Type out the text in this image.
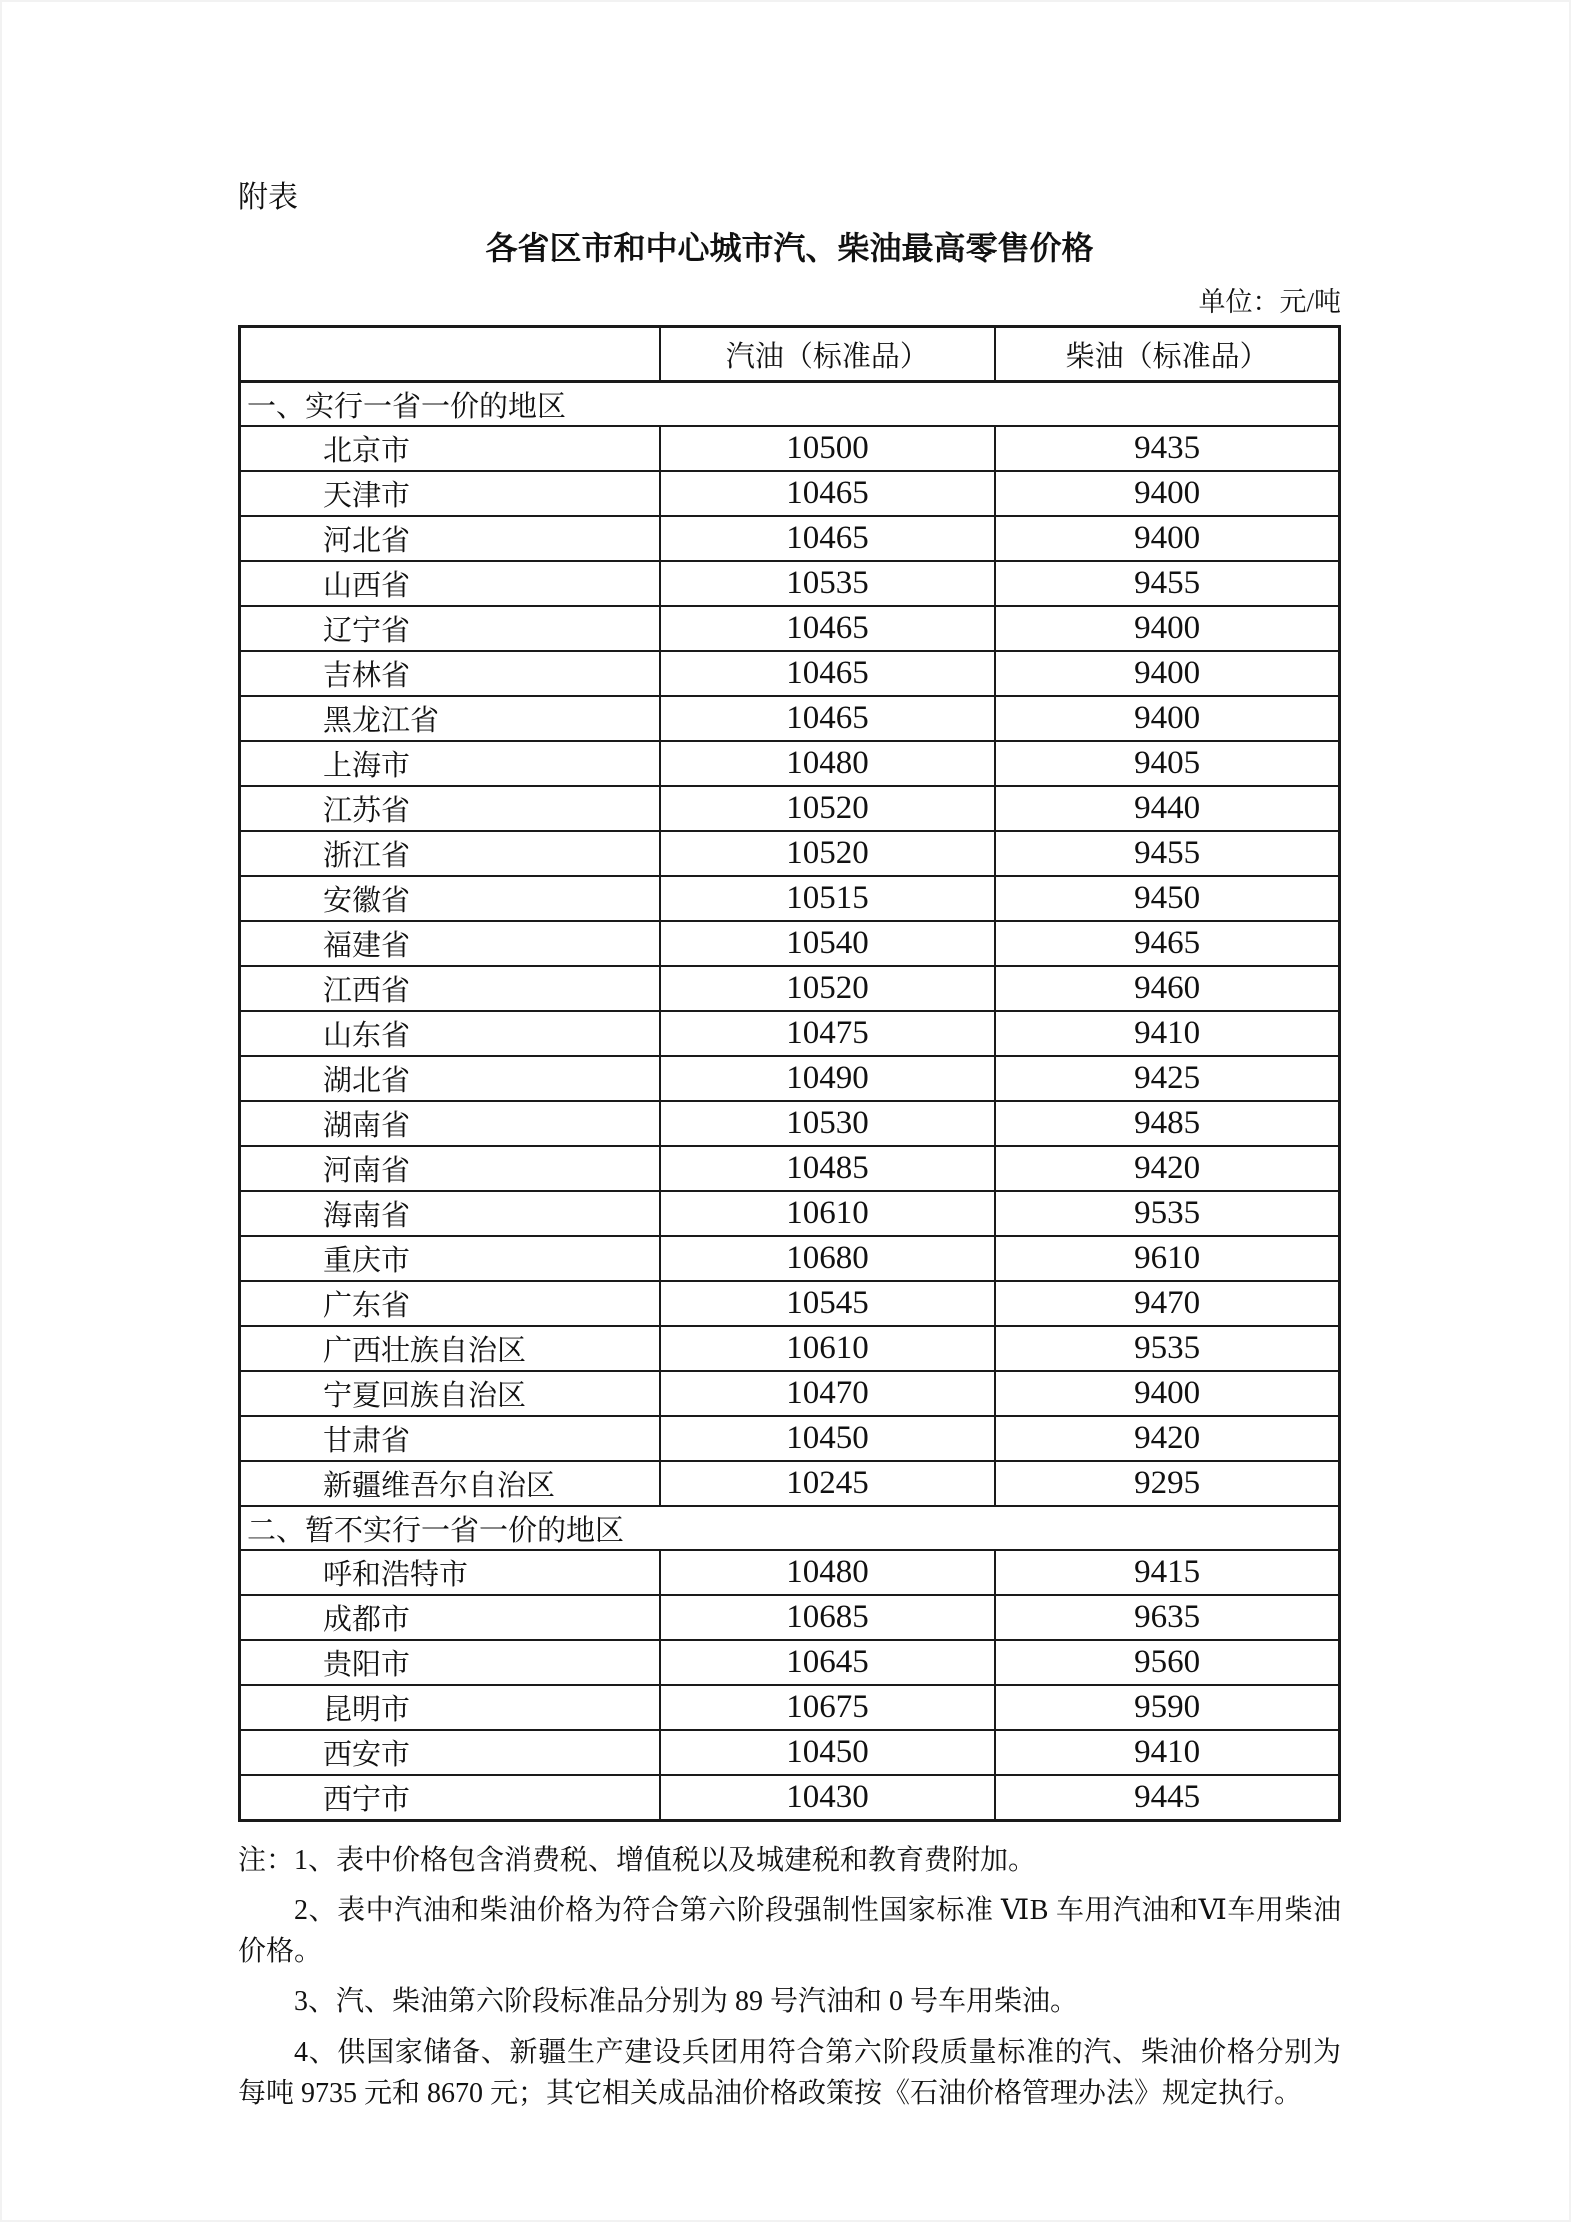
附表
各省区市和中心城市汽、柴油最高零售价格
单位：元/吨
	汽油（标准品）	柴油（标准品）
一、实行一省一价的地区		
北京市	10500	9435
天津市	10465	9400
河北省	10465	9400
山西省	10535	9455
辽宁省	10465	9400
吉林省	10465	9400
黑龙江省	10465	9400
上海市	10480	9405
江苏省	10520	9440
浙江省	10520	9455
安徽省	10515	9450
福建省	10540	9465
江西省	10520	9460
山东省	10475	9410
湖北省	10490	9425
湖南省	10530	9485
河南省	10485	9420
海南省	10610	9535
重庆市	10680	9610
广东省	10545	9470
广西壮族自治区	10610	9535
宁夏回族自治区	10470	9400
甘肃省	10450	9420
新疆维吾尔自治区	10245	9295
二、暂不实行一省一价的地区		
呼和浩特市	10480	9415
成都市	10685	9635
贵阳市	10645	9560
昆明市	10675	9590
西安市	10450	9410
西宁市	10430	9445

注：1、表中价格包含消费税、增值税以及城建税和教育费附加。

2、表中汽油和柴油价格为符合第六阶段强制性国家标准 ⅥB 车用汽油和Ⅵ车用柴油价格。

3、汽、柴油第六阶段标准品分别为 89 号汽油和 0 号车用柴油。

4、供国家储备、新疆生产建设兵团用符合第六阶段质量标准的汽、柴油价格分别为每吨 9735 元和 8670 元；其它相关成品油价格政策按《石油价格管理办法》规定执行。
